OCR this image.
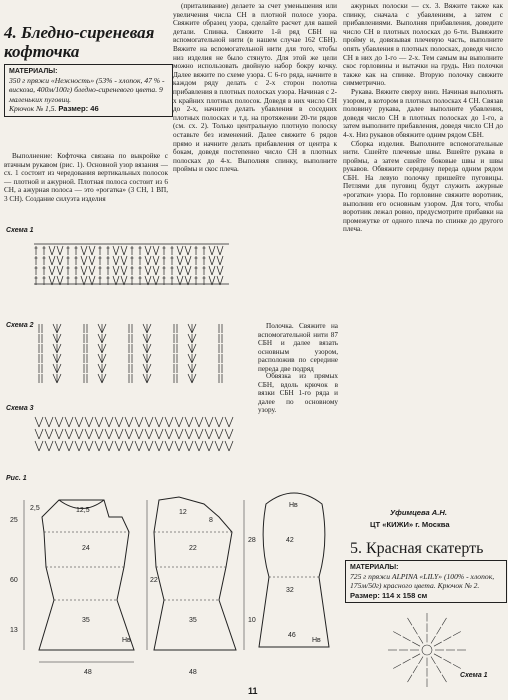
4. Бледно-сиреневая
кофточка
МАТЕРИАЛЫ:
350 г пряжи «Нежность» (53% - хлопок, 47 % - вискоза, 400м/100г) бледно-сиреневого цвета. 9 маленьких пуговиц.
Крючок № 1,5. Размер: 46

Выполнение: Кофточка связана по выкройке с втачным рукавом (рис. 1). Основной узор вязания — сх. 1 состоит из чередования вертикальных полосок — плотной и ажурной. Плотная полоса состоит из 6 СН, а ажурная полоса — это «рогатка» (3 СН, 1 ВП, 3 СН). Создание силуэта изделия

Схема 1
Схема 2
Схема 3

(приталивание) делаете за счет уменьшения или увеличения числа СН в плотной полосе узора. Свяжите образец узора, сделайте расчет для вашей детали. Спинка. Свяжите 1-й ряд СБН на вспомогательной нити (в нашем случае 162 СБН). Вяжите на вспомогательной нити для того, чтобы низ изделия не было стянуто. Для этой же цели можно использовать двойную набор бокру кочку. Далее вяжите по схеме узора. С 6-го ряда, начните в каждом ряду делать с 2-х сторон полотна прибавления в плотных полосках узора. Начиная с 2-х крайних плотных полосок. Доведя в них число СН до 2-х, начните делать убавления в соседних плотных полосках и т.д. на протяжении 20-ти рядов (см. сх. 2). Только центральную плотную полоску оставьте без изменений. Далее свяжите 6 рядов прямо и начните делать прибавления от центра к бокам, доведя постепенно число СН в плотных полосках до 4-х. Выполняя спинку, выполните проймы и скос плеча.

Обвязка из прямых СБН, вдоль крючок в вязки СБН 1-го ряда и далее по основному узору.

Полочка. Свяжите на вспомогательной нити 87 СБН и далее вязать основным узором, расположив по середине переда две подряд

ажурных полоски — сх. 3. Вяжите также как спинку, сначала с убавлениям, а затем с прибавлениями. Выполняя прибавления, доведите число СН в плотных полосках до 6-ти. Вывяжите пройму и, довязывая плечевую часть, выполните опять убавления в плотных полосках, доведя число СН в них до 1-го — 2-х. Тем самым вы выполните скос горловины и вытачки на грудь. Низ полочки также как на спинке. Вторую полочку свяжите симметрично.

Рукава. Вяжите сверху вниз. Начиная выполнять узором, в котором в плотных полосках 4 СН. Связав половину рукава, далее выполните убавления, доведя число СН в плотных полосках до 1-го, а затем выполните прибавления, доведя число СН до 4-х. Низ рукавов обвяжите одним рядом СБН.

Сборка изделия. Выполните вспомогательные нити. Сшейте плечевые швы. Вшейте рукава в проймы, а затем сшейте боковые швы и швы рукавов. Обвяжите середину переда одним рядом СБН. На левую полочку пришейте пуговицы. Петлями для пуговиц будут служить ажурные «рогатки» узора. По горловине свяжите воротник, выполнив его основным узором. Для того, чтобы воротник лежал ровно, предусмотрите прибавки на промежутке от одного плеча по спинке до другого плеча.

Уфимцева А.Н.
ЦТ «КИЖИ» г. Москва
5. Красная скатерть
МАТЕРИАЛЫ:
725 г пряжи ALPINA «LILY» (100% - хлопок, 175м/50г) красного цвета. Крючок № 2.
Размер: 114 х 158 см
Схема 1
Рис. 1
12,5
2,5
24
35
48
60
25
13
Нв
12
8
22
35
48
22
42
28
32
46
Нв
Нв
10
11
